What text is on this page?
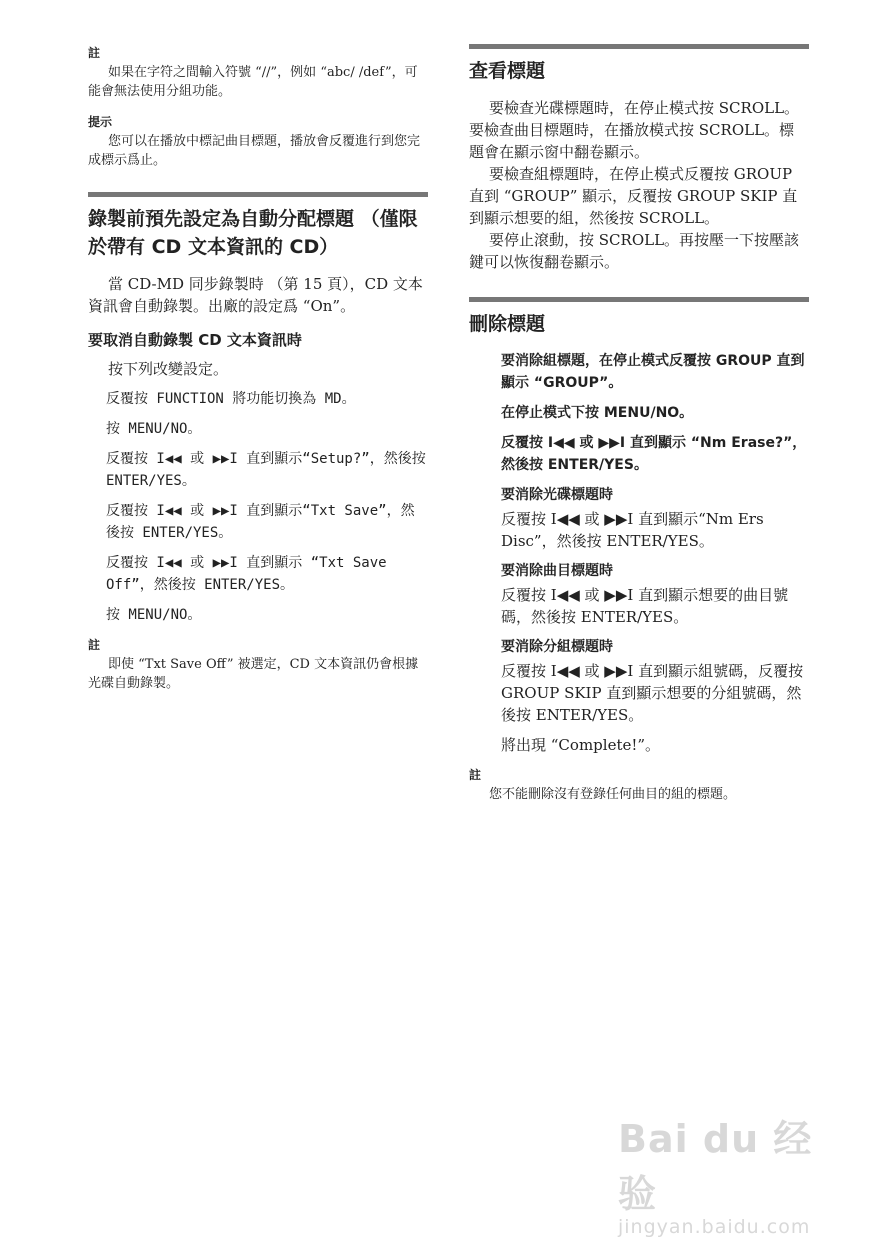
註

如果在字符之間輸入符號 “//”，例如 “abc/ /def”，可能會無法使用分組功能。

提示

您可以在播放中標記曲目標題，播放會反覆進行到您完成標示爲止。

錄製前預先設定為自動分配標題 （僅限於帶有 CD 文本資訊的 CD）

當 CD-MD 同步錄製時 （第 15 頁），CD 文本資訊會自動錄製。出廠的設定爲 “On”。

要取消自動錄製 CD 文本資訊時

按下列改變設定。

反覆按 FUNCTION 將功能切換為 MD。

按 MENU/NO。

反覆按 I◀◀ 或 ▶▶I 直到顯示“Setup?”，然後按 ENTER/YES。

反覆按 I◀◀ 或 ▶▶I 直到顯示“Txt Save”，然後按 ENTER/YES。

反覆按 I◀◀ 或 ▶▶I 直到顯示 “Txt Save Off”，然後按 ENTER/YES。

按 MENU/NO。

註

即使 “Txt Save Off” 被選定，CD 文本資訊仍會根據光碟自動錄製。

查看標題

要檢查光碟標題時，在停止模式按 SCROLL。要檢查曲目標題時，在播放模式按 SCROLL。標題會在顯示窗中翻卷顯示。

要檢查組標題時，在停止模式反覆按 GROUP 直到 “GROUP” 顯示，反覆按 GROUP SKIP 直到顯示想要的組，然後按 SCROLL。

要停止滾動，按 SCROLL。再按壓一下按壓該鍵可以恢復翻卷顯示。

刪除標題

要消除組標題，在停止模式反覆按 GROUP 直到顯示 “GROUP”。

在停止模式下按 MENU/NO。

反覆按 I◀◀ 或 ▶▶I 直到顯示 “Nm Erase?”，然後按 ENTER/YES。

要消除光碟標題時

反覆按 I◀◀ 或 ▶▶I 直到顯示“Nm Ers Disc”，然後按 ENTER/YES。

要消除曲目標題時

反覆按 I◀◀ 或 ▶▶I 直到顯示想要的曲目號碼，然後按 ENTER/YES。

要消除分組標題時

反覆按 I◀◀ 或 ▶▶I 直到顯示組號碼，反覆按 GROUP SKIP 直到顯示想要的分組號碼，然後按 ENTER/YES。

將出現 “Complete!”。

註

您不能刪除沒有登錄任何曲目的組的標題。

Bai du 经验
jingyan.baidu.com
